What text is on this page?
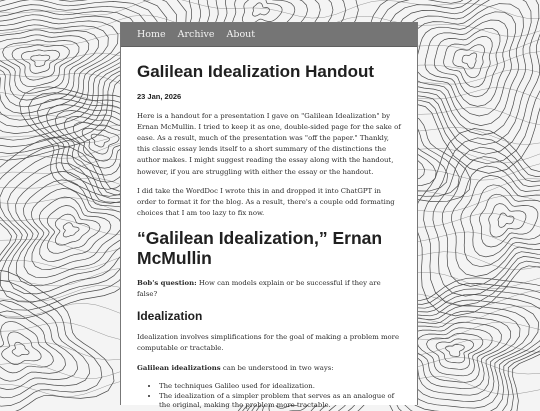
Home Archive About
Galilean Idealization Handout
23 Jan, 2026

Here is a handout for a presentation I gave on "Galilean Idealization" by Ernan McMullin. I tried to keep it as one, double-sided page for the sake of ease. As a result, much of the presentation was "off the paper." Thankly, this classic essay lends itself to a short summary of the distinctions the author makes. I might suggest reading the essay along with the handout, however, if you are struggling with either the essay or the handout.

I did take the WordDoc I wrote this in and dropped it into ChatGPT in order to format it for the blog. As a result, there's a couple odd formating choices that I am too lazy to fix now.

“Galilean Idealization,” Ernan McMullin

Bob's question: How can models explain or be successful if they are false?

Idealization

Idealization involves simplifications for the goal of making a problem more computable or tractable.

Galilean idealizations can be understood in two ways:

• The techniques Galileo used for idealization.
• The idealization of a simpler problem that serves as an analogue of the original, making the problem more tractable.
